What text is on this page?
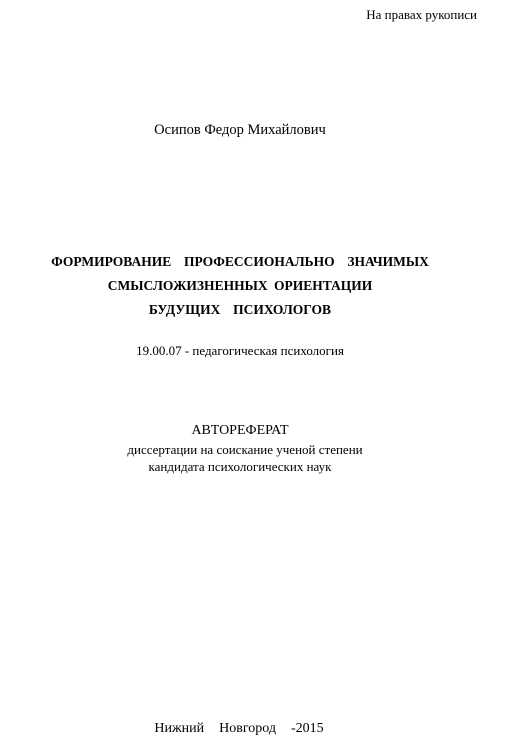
На правах рукописи
Осипов Федор Михайлович
ФОРМИРОВАНИЕ  ПРОФЕССИОНАЛЬНО  ЗНАЧИМЫХ
СМЫСЛОЖИЗНЕННЫХ ОРИЕНТАЦИИ
БУДУЩИХ  ПСИХОЛОГОВ
19.00.07 - педагогическая психология
АВТОРЕФЕРАТ
диссертации на соискание ученой степени
кандидата психологических наук
Нижний  Новгород  -2015
